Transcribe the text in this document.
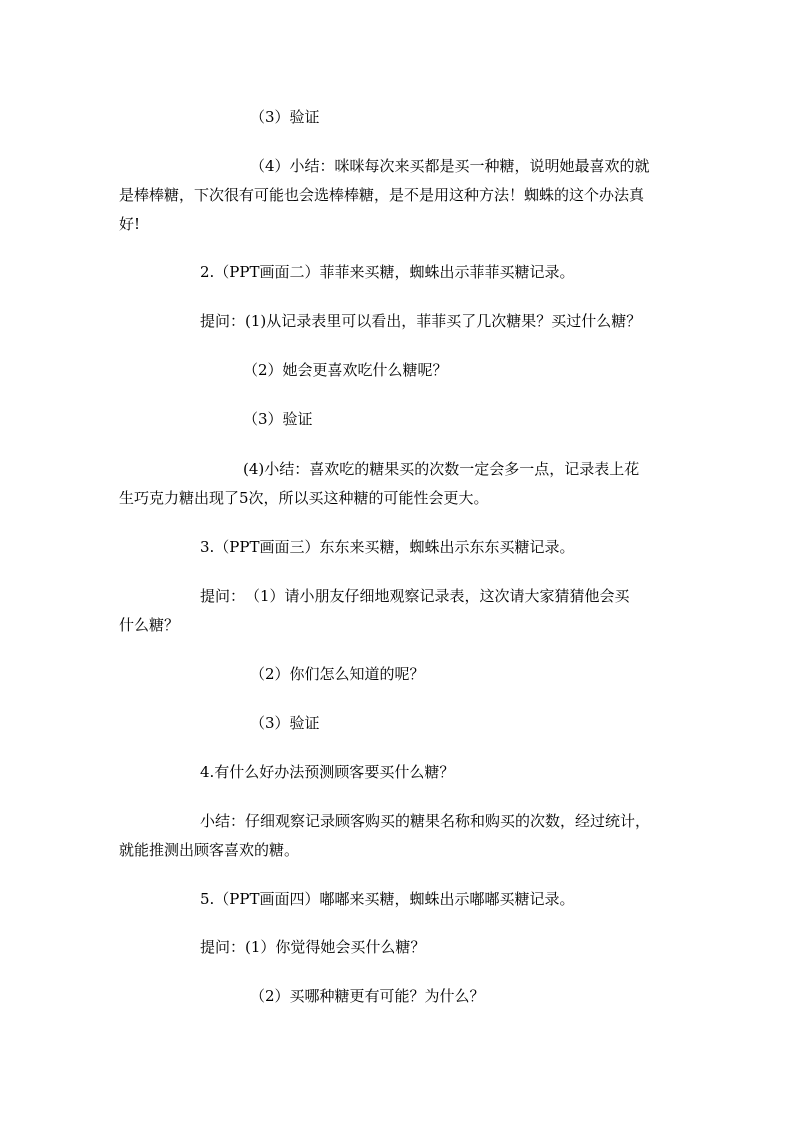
（3）验证
（4）小结：咪咪每次来买都是买一种糖，说明她最喜欢的就
是棒棒糖，下次很有可能也会选棒棒糖，是不是用这种方法！蜘蛛的这个办法真
好!
2.（PPT画面二）菲菲来买糖，蜘蛛出示菲菲买糖记录。
提问：(1)从记录表里可以看出，菲菲买了几次糖果？买过什么糖？
（2）她会更喜欢吃什么糖呢？
（3）验证
(4)小结：喜欢吃的糖果买的次数一定会多一点，记录表上花
生巧克力糖出现了5次，所以买这种糖的可能性会更大。
3.（PPT画面三）东东来买糖，蜘蛛出示东东买糖记录。
提问：　（1）请小朋友仔细地观察记录表，这次请大家猜猜他会买
什么糖？
（2）你们怎么知道的呢？
（3）验证
4.有什么好办法预测顾客要买什么糖？
小结：仔细观察记录顾客购买的糖果名称和购买的次数，经过统计，
就能推测出顾客喜欢的糖。
5.（PPT画面四）嘟嘟来买糖，蜘蛛出示嘟嘟买糖记录。
提问：(1）你觉得她会买什么糖？
（2）买哪种糖更有可能？为什么？
